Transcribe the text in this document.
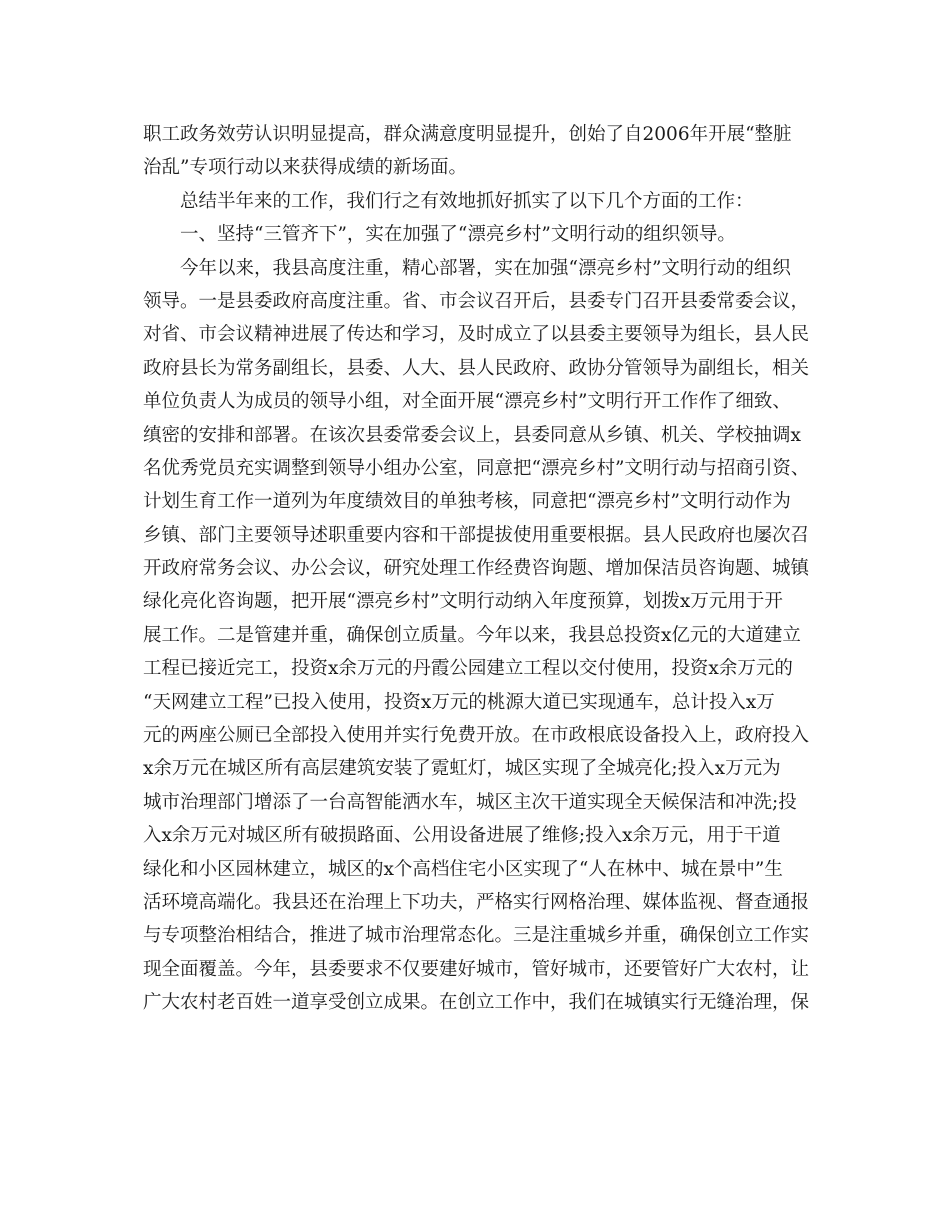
职工政务效劳认识明显提高，群众满意度明显提升，创始了自2006年开展“整脏
治乱”专项行动以来获得成绩的新场面。
总结半年来的工作，我们行之有效地抓好抓实了以下几个方面的工作：
一、坚持“三管齐下”，实在加强了“漂亮乡村”文明行动的组织领导。
今年以来，我县高度注重，精心部署，实在加强“漂亮乡村”文明行动的组织
领导。一是县委政府高度注重。省、市会议召开后，县委专门召开县委常委会议，
对省、市会议精神进展了传达和学习，及时成立了以县委主要领导为组长，县人民
政府县长为常务副组长，县委、人大、县人民政府、政协分管领导为副组长，相关
单位负责人为成员的领导小组，对全面开展“漂亮乡村”文明行开工作作了细致、
缜密的安排和部署。在该次县委常委会议上，县委同意从乡镇、机关、学校抽调x
名优秀党员充实调整到领导小组办公室，同意把“漂亮乡村”文明行动与招商引资、
计划生育工作一道列为年度绩效目的单独考核，同意把“漂亮乡村”文明行动作为
乡镇、部门主要领导述职重要内容和干部提拔使用重要根据。县人民政府也屡次召
开政府常务会议、办公会议，研究处理工作经费咨询题、增加保洁员咨询题、城镇
绿化亮化咨询题，把开展“漂亮乡村”文明行动纳入年度预算，划拨x万元用于开
展工作。二是管建并重，确保创立质量。今年以来，我县总投资x亿元的大道建立
工程已接近完工，投资x余万元的丹霞公园建立工程以交付使用，投资x余万元的
“天网建立工程”已投入使用，投资x万元的桃源大道已实现通车，总计投入x万
元的两座公厕已全部投入使用并实行免费开放。在市政根底设备投入上，政府投入
x余万元在城区所有高层建筑安装了霓虹灯，城区实现了全城亮化;投入x万元为
城市治理部门增添了一台高智能洒水车，城区主次干道实现全天候保洁和冲洗;投
入x余万元对城区所有破损路面、公用设备进展了维修;投入x余万元，用于干道
绿化和小区园林建立，城区的x个高档住宅小区实现了“人在林中、城在景中”生
活环境高端化。我县还在治理上下功夫，严格实行网格治理、媒体监视、督查通报
与专项整治相结合，推进了城市治理常态化。三是注重城乡并重，确保创立工作实
现全面覆盖。今年，县委要求不仅要建好城市，管好城市，还要管好广大农村，让
广大农村老百姓一道享受创立成果。在创立工作中，我们在城镇实行无缝治理，保
